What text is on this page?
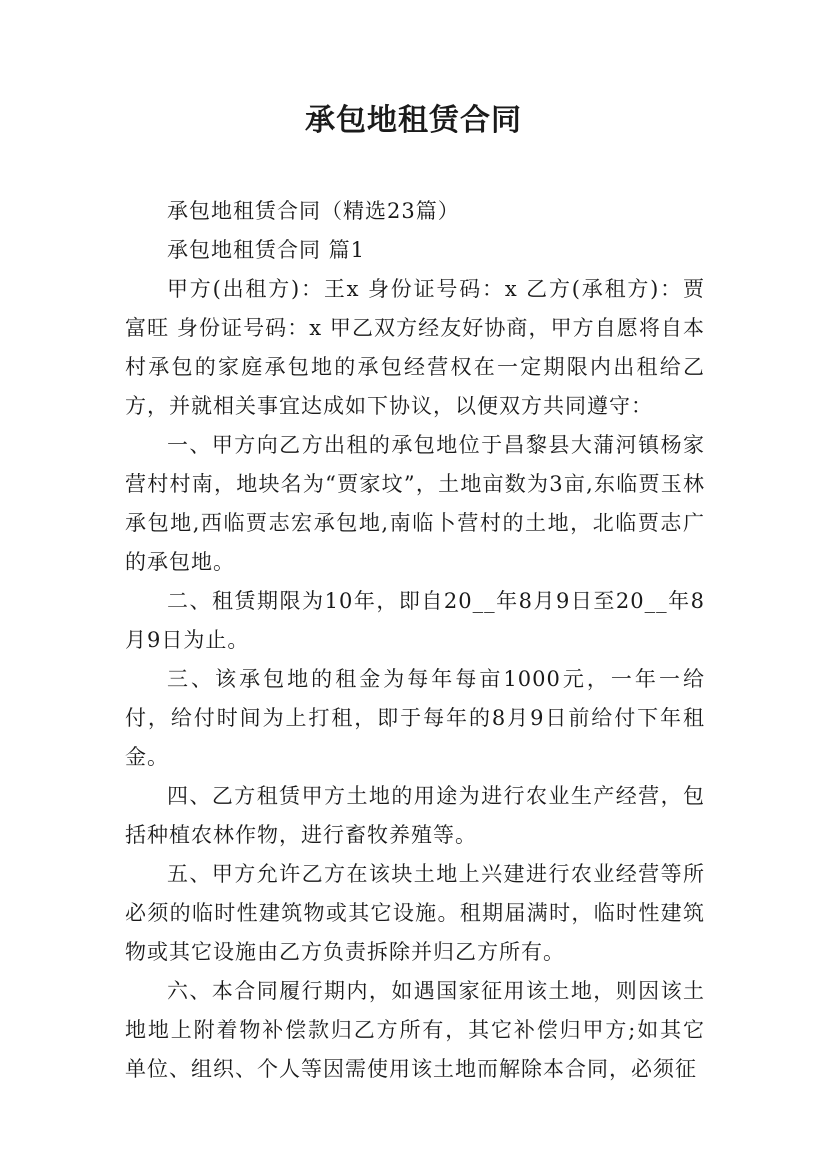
承包地租赁合同

承包地租赁合同（精选23篇）

承包地租赁合同 篇1

甲方(出租方)：王x 身份证号码：x 乙方(承租方)：贾富旺 身份证号码：x 甲乙双方经友好协商，甲方自愿将自本村承包的家庭承包地的承包经营权在一定期限内出租给乙方，并就相关事宜达成如下协议，以便双方共同遵守：

一、甲方向乙方出租的承包地位于昌黎县大蒲河镇杨家营村村南，地块名为“贾家坟”，土地亩数为3亩,东临贾玉林承包地,西临贾志宏承包地,南临卜营村的土地，北临贾志广的承包地。

二、租赁期限为10年，即自20__年8月9日至20__年8月9日为止。

三、该承包地的租金为每年每亩1000元，一年一给付，给付时间为上打租，即于每年的8月9日前给付下年租金。

四、乙方租赁甲方土地的用途为进行农业生产经营，包括种植农林作物，进行畜牧养殖等。

五、甲方允许乙方在该块土地上兴建进行农业经营等所必须的临时性建筑物或其它设施。租期届满时，临时性建筑物或其它设施由乙方负责拆除并归乙方所有。

六、本合同履行期内，如遇国家征用该土地，则因该土地地上附着物补偿款归乙方所有，其它补偿归甲方;如其它单位、组织、个人等因需使用该土地而解除本合同，必须征
